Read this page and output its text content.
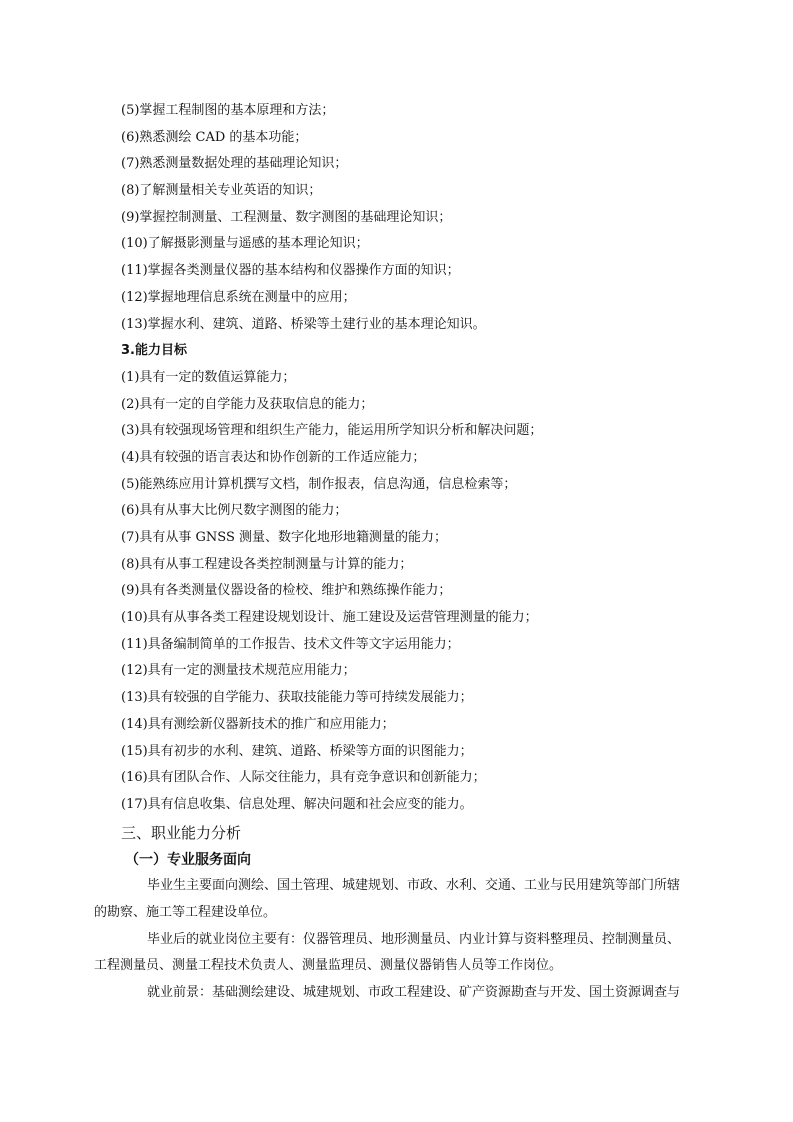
(5)掌握工程制图的基本原理和方法；

(6)熟悉测绘 CAD 的基本功能；

(7)熟悉测量数据处理的基础理论知识；

(8)了解测量相关专业英语的知识；

(9)掌握控制测量、工程测量、数字测图的基础理论知识；

(10)了解摄影测量与遥感的基本理论知识；

(11)掌握各类测量仪器的基本结构和仪器操作方面的知识；

(12)掌握地理信息系统在测量中的应用；

(13)掌握水利、建筑、道路、桥梁等土建行业的基本理论知识。

3.能力目标

(1)具有一定的数值运算能力；

(2)具有一定的自学能力及获取信息的能力；

(3)具有较强现场管理和组织生产能力，能运用所学知识分析和解决问题；

(4)具有较强的语言表达和协作创新的工作适应能力；

(5)能熟练应用计算机撰写文档，制作报表，信息沟通，信息检索等；

(6)具有从事大比例尺数字测图的能力；

(7)具有从事 GNSS 测量、数字化地形地籍测量的能力；

(8)具有从事工程建设各类控制测量与计算的能力；

(9)具有各类测量仪器设备的检校、维护和熟练操作能力；

(10)具有从事各类工程建设规划设计、施工建设及运营管理测量的能力；

(11)具备编制简单的工作报告、技术文件等文字运用能力；

(12)具有一定的测量技术规范应用能力；

(13)具有较强的自学能力、获取技能能力等可持续发展能力；

(14)具有测绘新仪器新技术的推广和应用能力；

(15)具有初步的水利、建筑、道路、桥梁等方面的识图能力；

(16)具有团队合作、人际交往能力，具有竞争意识和创新能力；

(17)具有信息收集、信息处理、解决问题和社会应变的能力。

三、职业能力分析

（一）专业服务面向

毕业生主要面向测绘、国土管理、城建规划、市政、水利、交通、工业与民用建筑等部门所辖

的勘察、施工等工程建设单位。

毕业后的就业岗位主要有：仪器管理员、地形测量员、内业计算与资料整理员、控制测量员、

工程测量员、测量工程技术负责人、测量监理员、测量仪器销售人员等工作岗位。

就业前景：基础测绘建设、城建规划、市政工程建设、矿产资源勘查与开发、国土资源调查与
